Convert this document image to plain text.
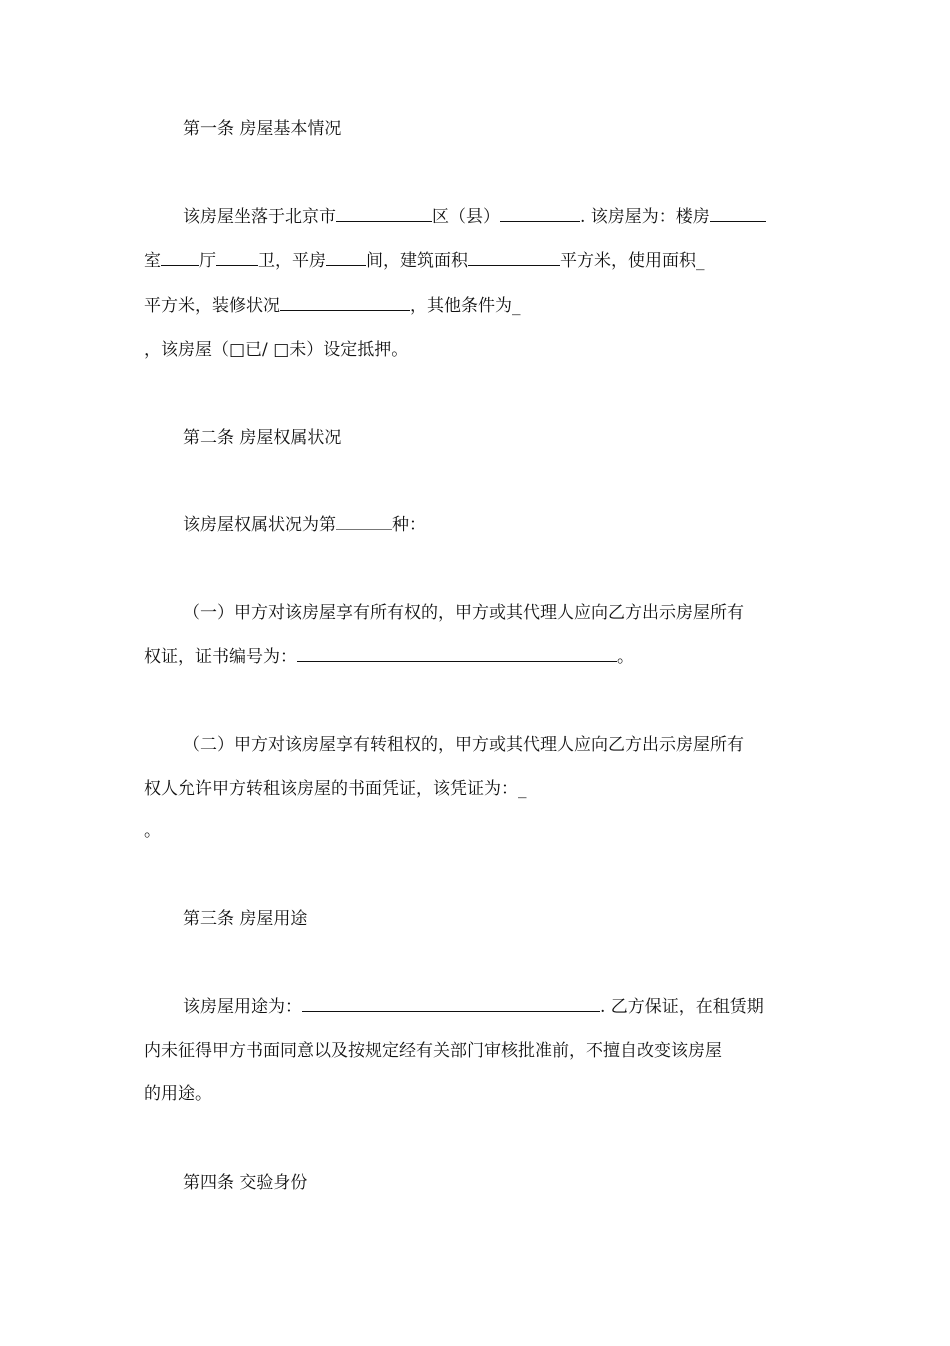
第一条 房屋基本情况
该房屋坐落于北京市	区（县）	. 该房屋为：楼房
室 厅 卫，平房 间，建筑面积	平方米，使用面积_
平方米，装修状况	，其他条件为_
，该房屋（□已/ □未）设定抵押。
第二条 房屋权属状况
该房屋权属状况为第	种：
（一）甲方对该房屋享有所有权的，甲方或其代理人应向乙方出示房屋所有
权证，证书编号为：	。
（二）甲方对该房屋享有转租权的，甲方或其代理人应向乙方出示房屋所有
权人允许甲方转租该房屋的书面凭证，该凭证为：_
。
第三条 房屋用途
该房屋用途为：	. 乙方保证，在租赁期
内未征得甲方书面同意以及按规定经有关部门审核批准前，不擅自改变该房屋
的用途。
第四条 交验身份
